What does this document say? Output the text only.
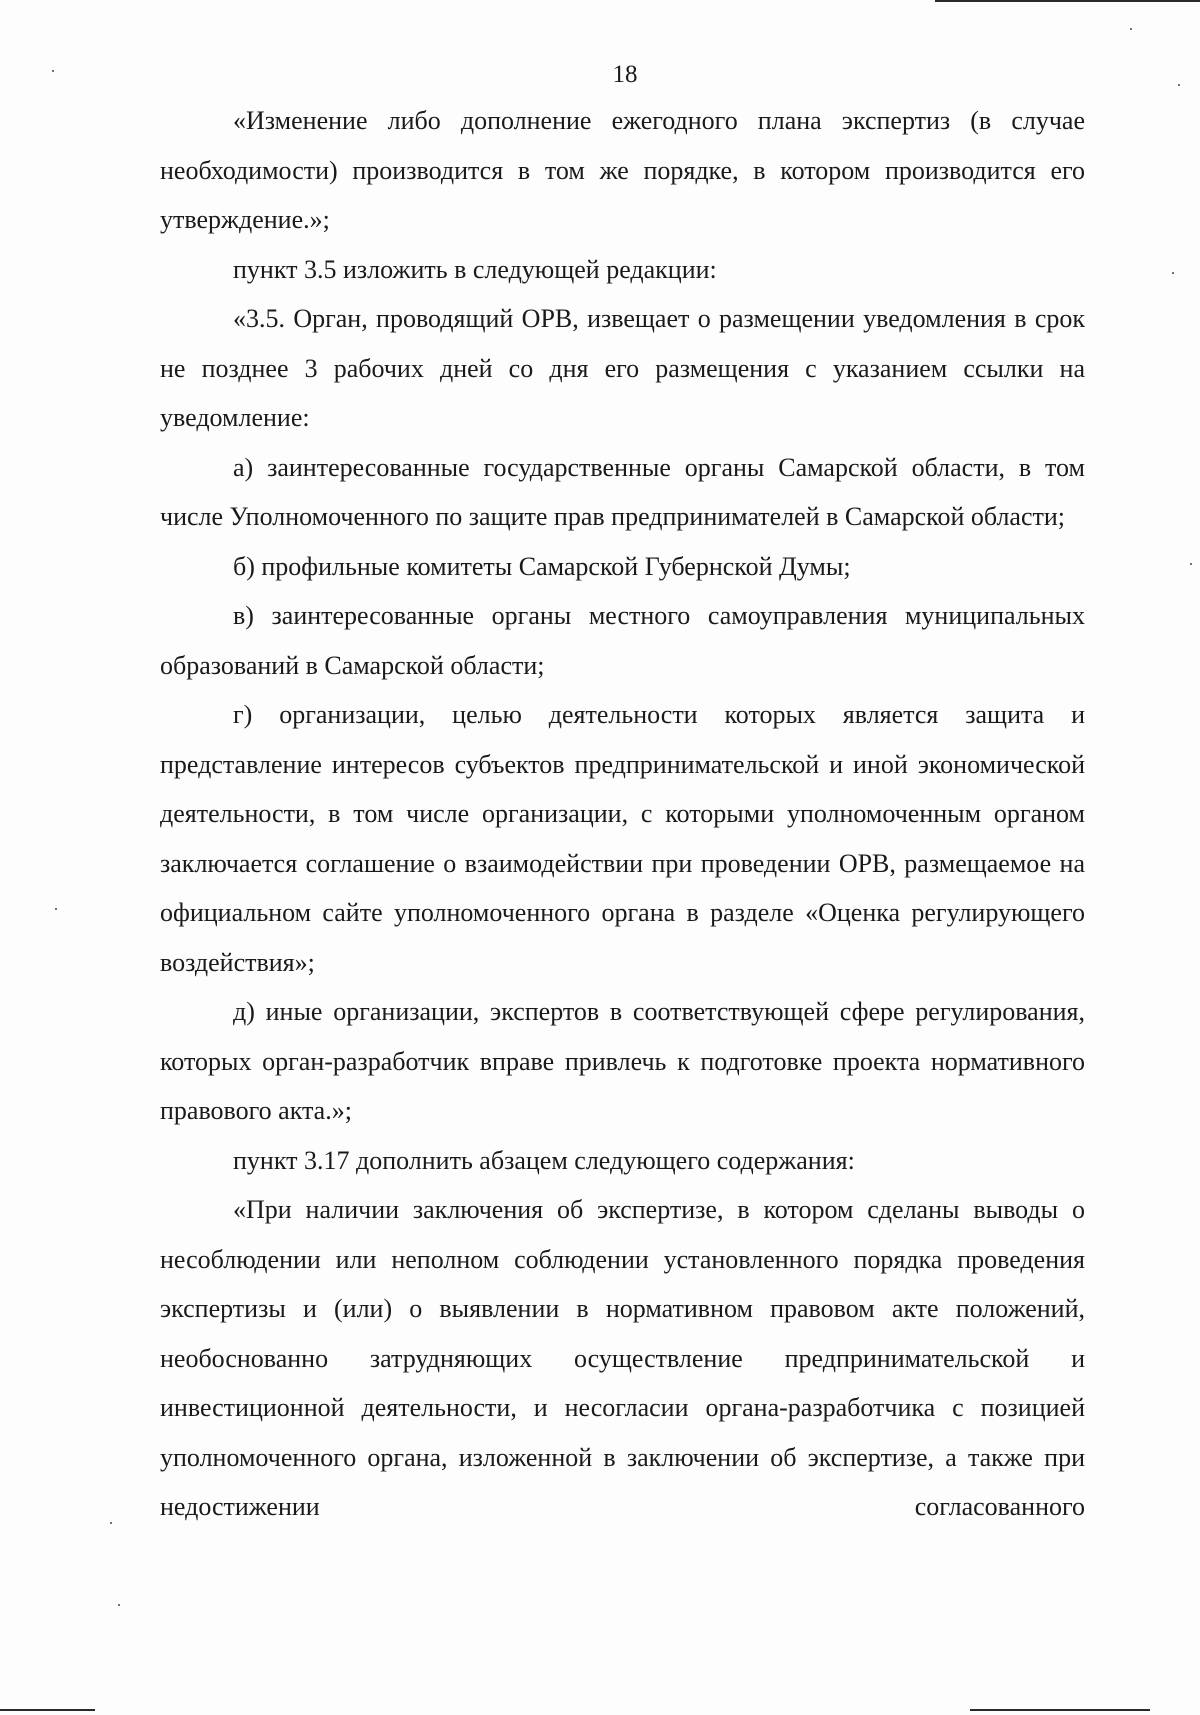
18

«Изменение либо дополнение ежегодного плана экспертиз (в случае необходимости) производится в том же порядке, в котором производится его утверждение.»;

пункт 3.5 изложить в следующей редакции:

«3.5. Орган, проводящий ОРВ, извещает о размещении уведомления в срок не позднее 3 рабочих дней со дня его размещения с указанием ссылки на уведомление:

а) заинтересованные государственные органы Самарской области, в том числе Уполномоченного по защите прав предпринимателей в Самарской области;

б) профильные комитеты Самарской Губернской Думы;

в) заинтересованные органы местного самоуправления муниципальных образований в Самарской области;

г) организации, целью деятельности которых является защита и представление интересов субъектов предпринимательской и иной экономической деятельности, в том числе организации, с которыми уполномоченным органом заключается соглашение о взаимодействии при проведении ОРВ, размещаемое на официальном сайте уполномоченного органа в разделе «Оценка регулирующего воздействия»;

д) иные организации, экспертов в соответствующей сфере регулирования, которых орган-разработчик вправе привлечь к подготовке проекта нормативного правового акта.»;

пункт 3.17 дополнить абзацем следующего содержания:

«При наличии заключения об экспертизе, в котором сделаны выводы о несоблюдении или неполном соблюдении установленного порядка проведения экспертизы и (или) о выявлении в нормативном правовом акте положений, необоснованно затрудняющих осуществление предпринимательской и инвестиционной деятельности, и несогласии органа-разработчика с позицией уполномоченного органа, изложенной в заключении об экспертизе, а также при недостижении согласованного
